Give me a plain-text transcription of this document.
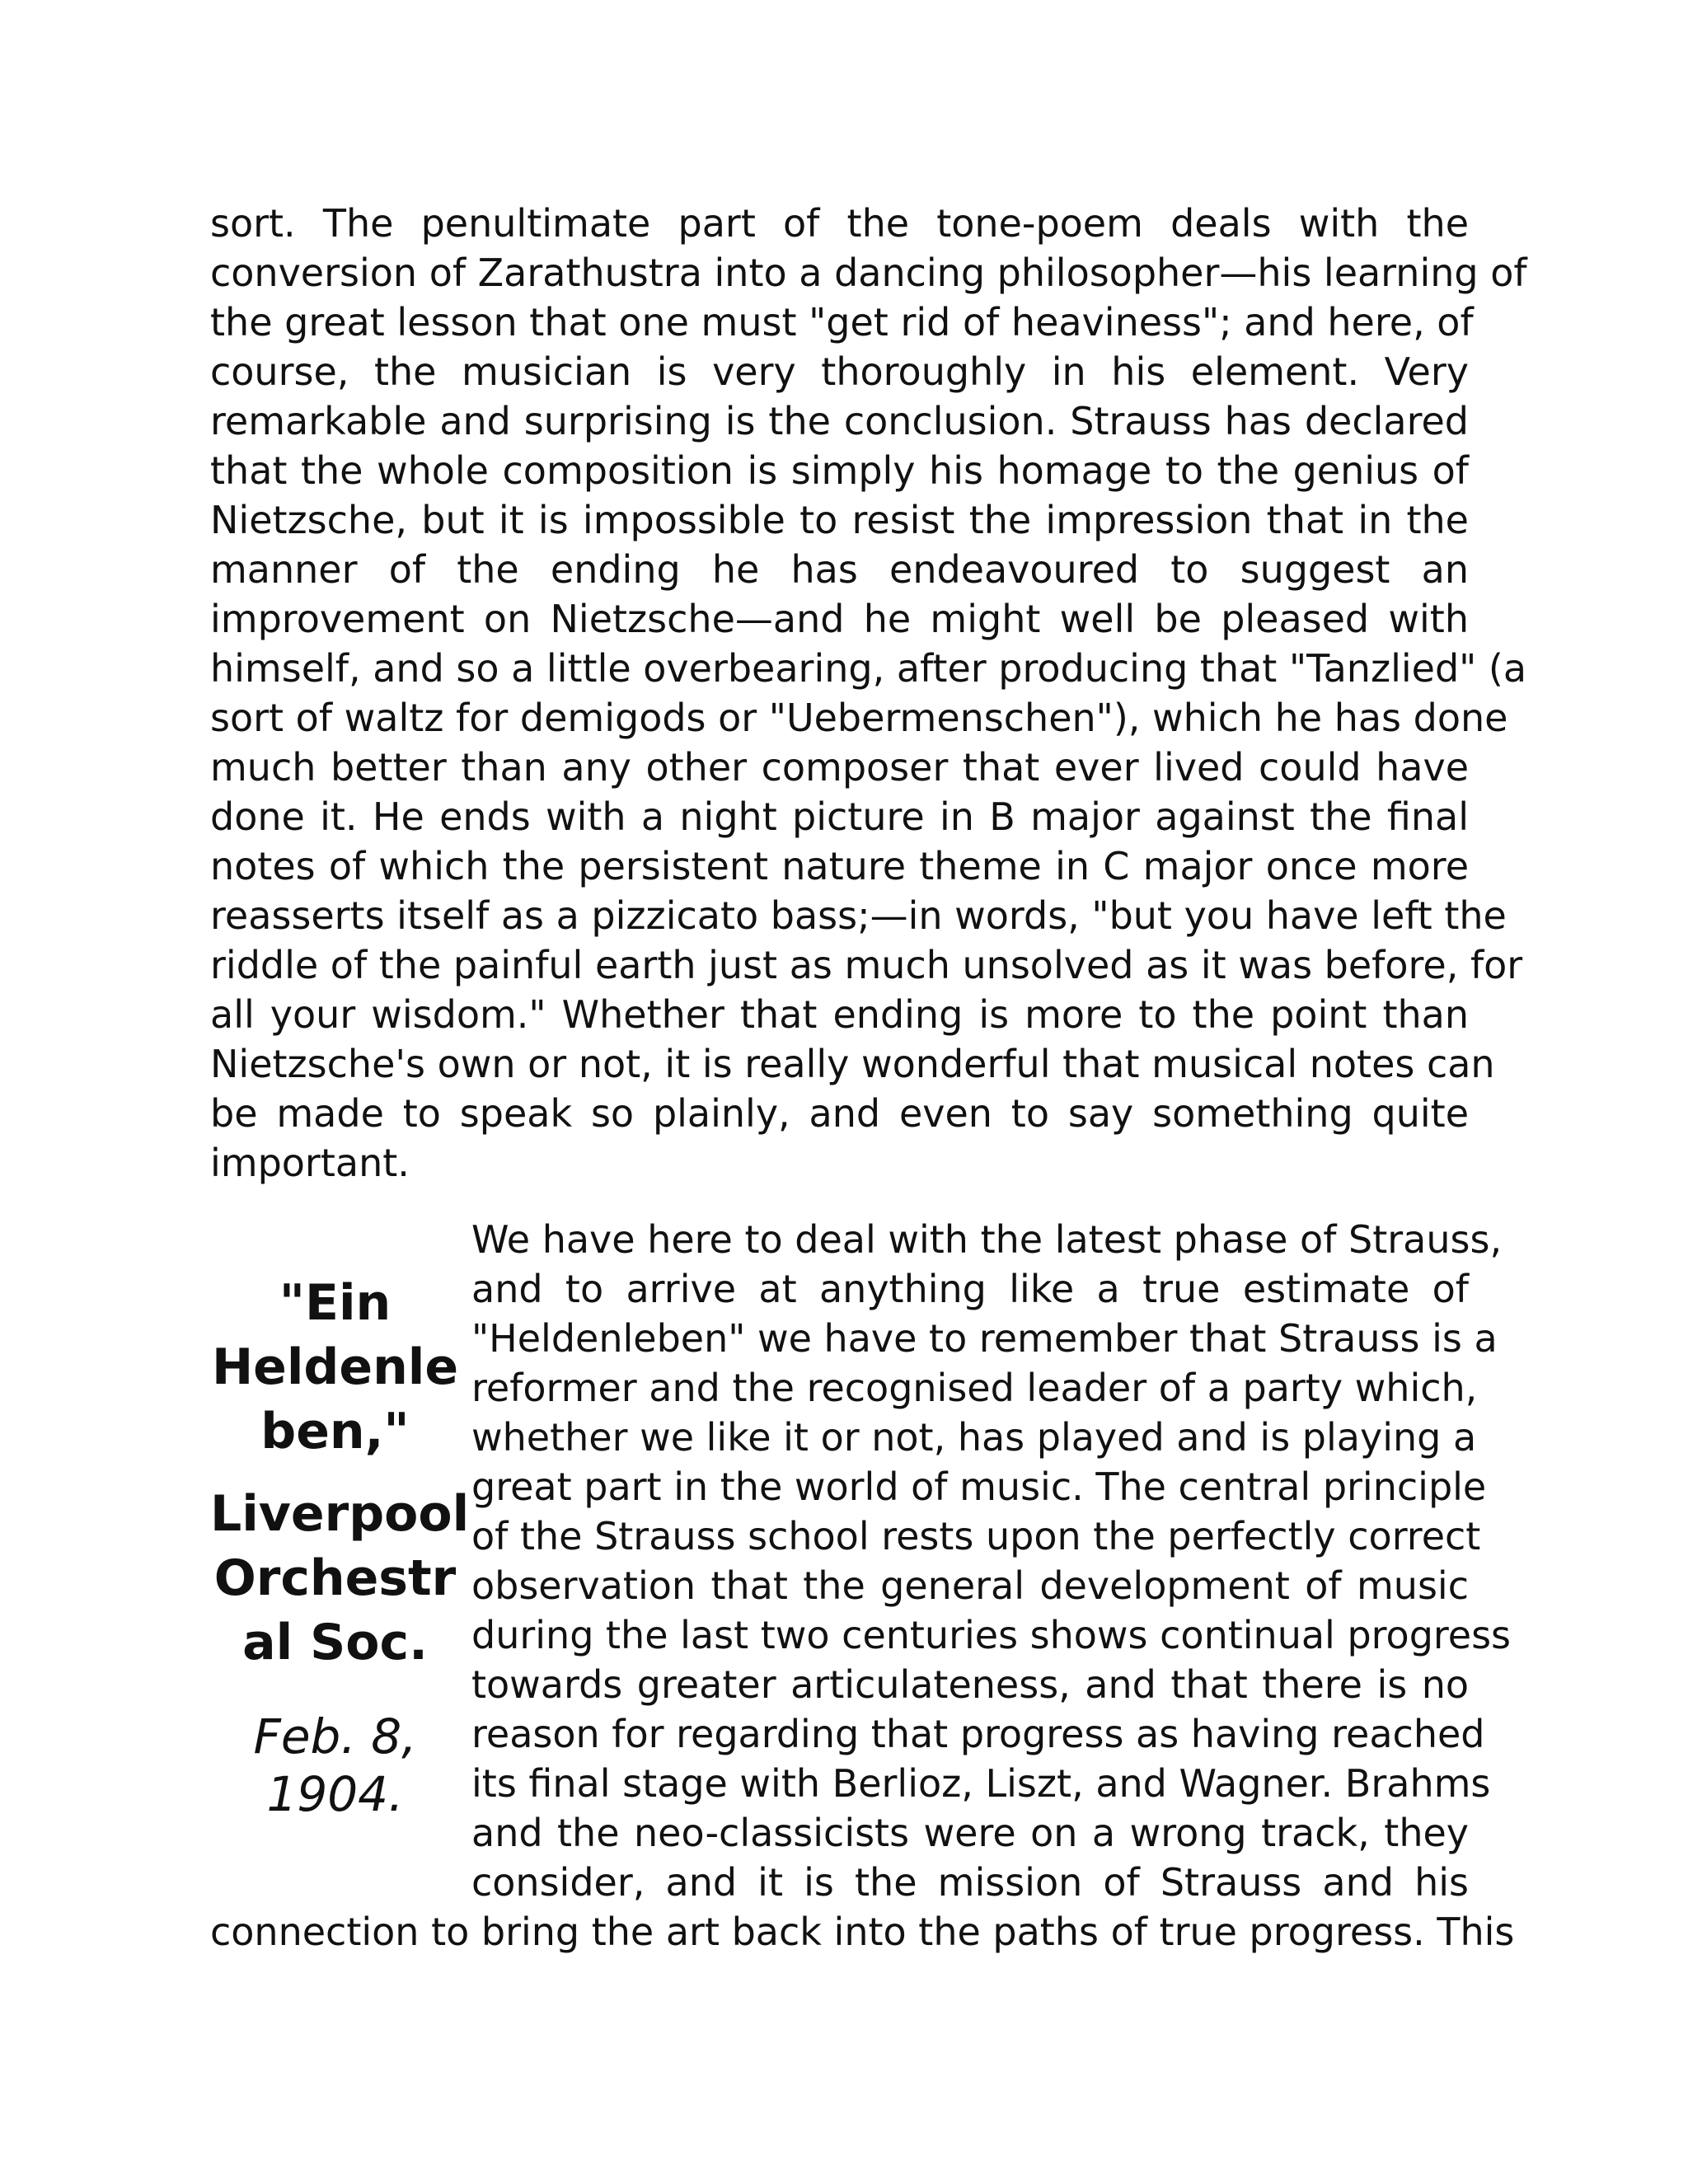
sort. The penultimate part of the tone-poem deals with the
conversion of Zarathustra into a dancing philosopher—his learning of
the great lesson that one must "get rid of heaviness"; and here, of
course, the musician is very thoroughly in his element. Very
remarkable and surprising is the conclusion. Strauss has declared
that the whole composition is simply his homage to the genius of
Nietzsche, but it is impossible to resist the impression that in the
manner of the ending he has endeavoured to suggest an
improvement on Nietzsche—and he might well be pleased with
himself, and so a little overbearing, after producing that "Tanzlied" (a
sort of waltz for demigods or "Uebermenschen"), which he has done
much better than any other composer that ever lived could have
done it. He ends with a night picture in B major against the final
notes of which the persistent nature theme in C major once more
reasserts itself as a pizzicato bass;—in words, "but you have left the
riddle of the painful earth just as much unsolved as it was before, for
all your wisdom." Whether that ending is more to the point than
Nietzsche's own or not, it is really wonderful that musical notes can
be made to speak so plainly, and even to say something quite
important.
"Ein
Heldenle
ben,"
Liverpool
Orchestr
al Soc.
Feb. 8,
1904.
We have here to deal with the latest phase of Strauss,
and to arrive at anything like a true estimate of
"Heldenleben" we have to remember that Strauss is a
reformer and the recognised leader of a party which,
whether we like it or not, has played and is playing a
great part in the world of music. The central principle
of the Strauss school rests upon the perfectly correct
observation that the general development of music
during the last two centuries shows continual progress
towards greater articulateness, and that there is no
reason for regarding that progress as having reached
its final stage with Berlioz, Liszt, and Wagner. Brahms
and the neo-classicists were on a wrong track, they
consider, and it is the mission of Strauss and his
connection to bring the art back into the paths of true progress. This
